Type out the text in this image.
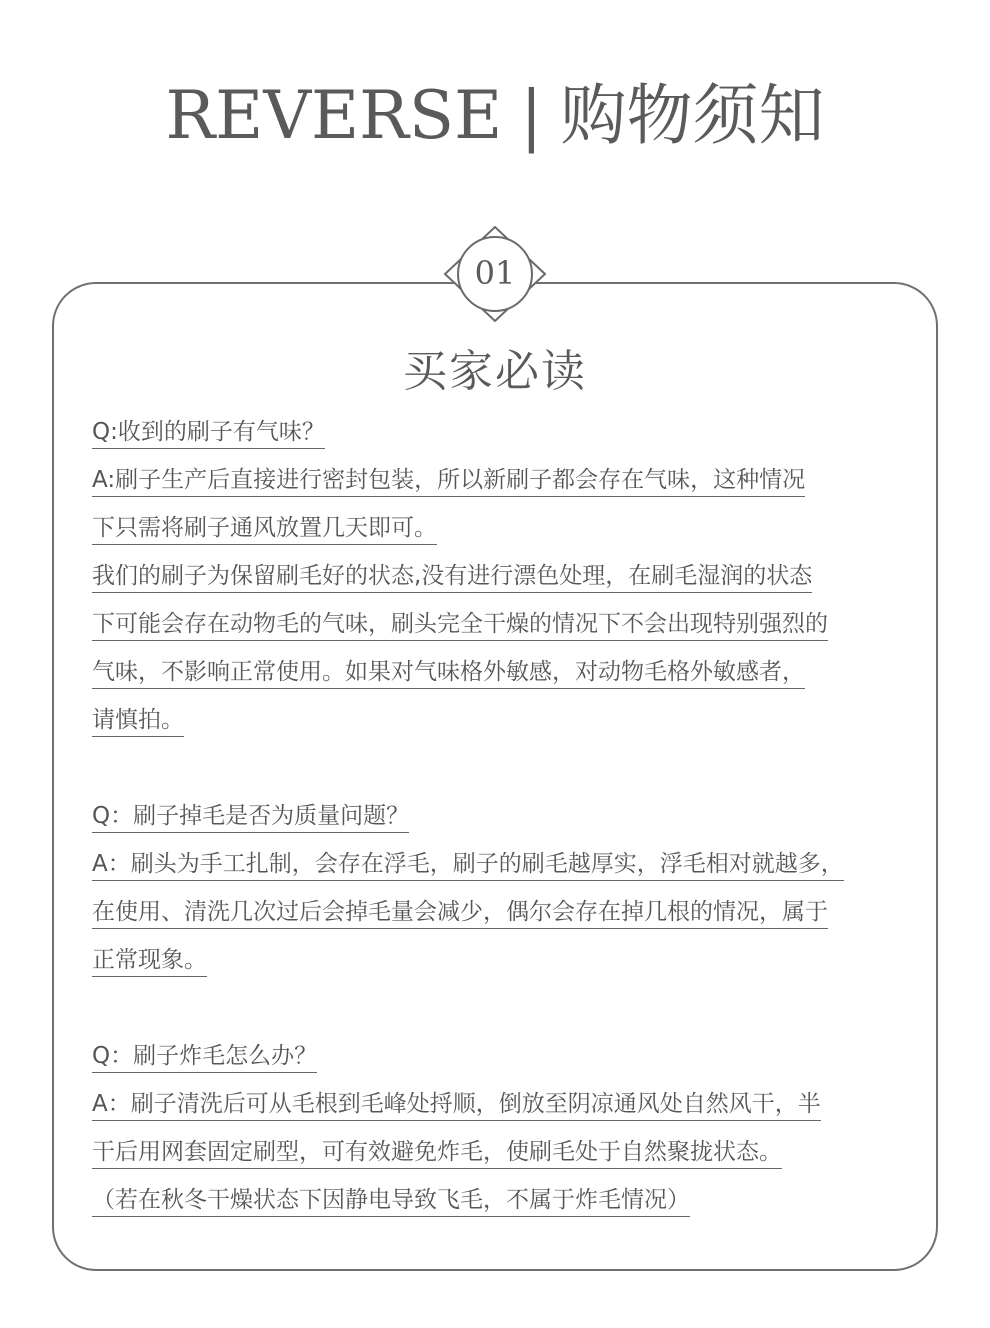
REVERSE | 购物须知
01
买家必读
Q:收到的刷子有气味？
A:刷子生产后直接进行密封包装，所以新刷子都会存在气味，这种情况
下只需将刷子通风放置几天即可。
我们的刷子为保留刷毛好的状态,没有进行漂色处理，在刷毛湿润的状态
下可能会存在动物毛的气味，刷头完全干燥的情况下不会出现特别强烈的
气味，不影响正常使用。如果对气味格外敏感，对动物毛格外敏感者，
请慎拍。
Q：刷子掉毛是否为质量问题？
A：刷头为手工扎制，会存在浮毛，刷子的刷毛越厚实，浮毛相对就越多，
在使用、清洗几次过后会掉毛量会减少，偶尔会存在掉几根的情况，属于
正常现象。
Q：刷子炸毛怎么办？
A：刷子清洗后可从毛根到毛峰处捋顺，倒放至阴凉通风处自然风干，半
干后用网套固定刷型，可有效避免炸毛，使刷毛处于自然聚拢状态。
（若在秋冬干燥状态下因静电导致飞毛，不属于炸毛情况）
